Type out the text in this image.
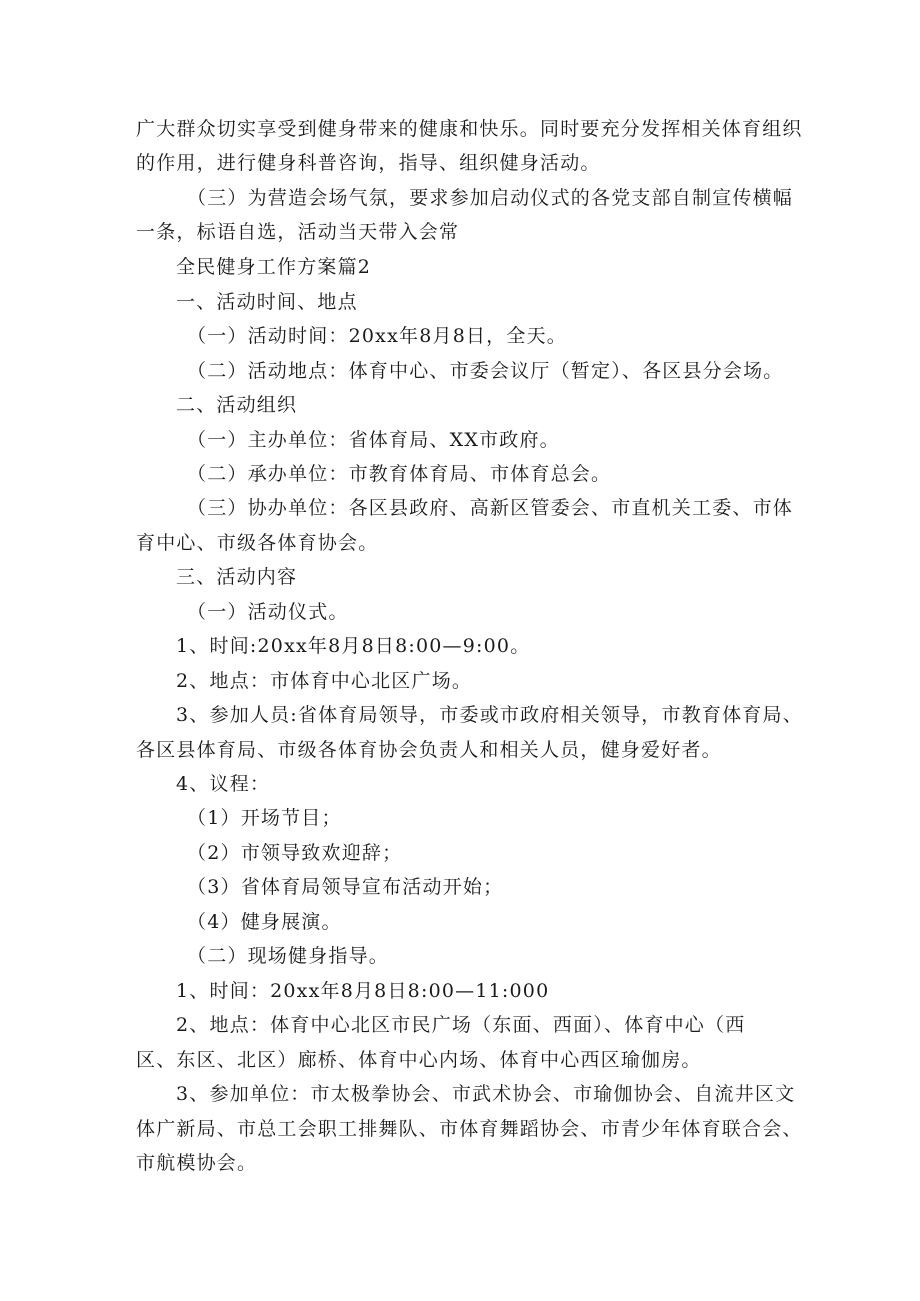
广大群众切实享受到健身带来的健康和快乐。同时要充分发挥相关体育组织
的作用，进行健身科普咨询，指导、组织健身活动。
（三）为营造会场气氛，要求参加启动仪式的各党支部自制宣传横幅
一条，标语自选，活动当天带入会常
全民健身工作方案篇2
一、活动时间、地点
（一）活动时间：20xx年8月8日，全天。
（二）活动地点：体育中心、市委会议厅（暂定）、各区县分会场。
二、活动组织
（一）主办单位：省体育局、XX市政府。
（二）承办单位：市教育体育局、市体育总会。
（三）协办单位：各区县政府、高新区管委会、市直机关工委、市体
育中心、市级各体育协会。
三、活动内容
（一）活动仪式。
1、时间:20xx年8月8日8:00—9:00。
2、地点：市体育中心北区广场。
3、参加人员:省体育局领导，市委或市政府相关领导，市教育体育局、
各区县体育局、市级各体育协会负责人和相关人员，健身爱好者。
4、议程：
（1）开场节目；
（2）市领导致欢迎辞；
（3）省体育局领导宣布活动开始；
（4）健身展演。
（二）现场健身指导。
1、时间：20xx年8月8日8:00—11:000
2、地点：体育中心北区市民广场（东面、西面）、体育中心（西
区、东区、北区）廊桥、体育中心内场、体育中心西区瑜伽房。
3、参加单位：市太极拳协会、市武术协会、市瑜伽协会、自流井区文
体广新局、市总工会职工排舞队、市体育舞蹈协会、市青少年体育联合会、
市航模协会。
